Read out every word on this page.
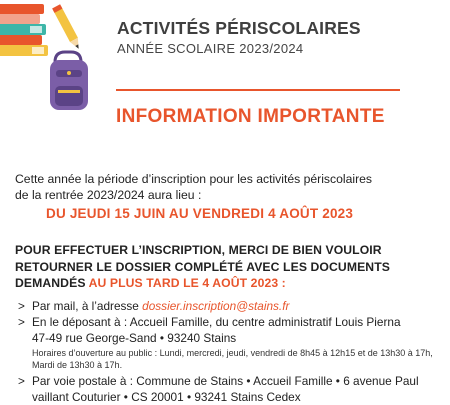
ACTIVITÉS PÉRISCOLAIRES
ANNÉE SCOLAIRE 2023/2024
INFORMATION IMPORTANTE
Cette année la période d’inscription pour les activités périscolaires
de la rentrée 2023/2024 aura lieu :
DU JEUDI 15 JUIN AU VENDREDI 4 AOÛT 2023
POUR EFFECTUER L’INSCRIPTION, MERCI DE BIEN VOULOIR
RETOURNER LE DOSSIER COMPLÉTÉ AVEC LES DOCUMENTS
DEMANDÉS AU PLUS TARD LE 4 AOÛT 2023 :
> Par mail, à l’adresse dossier.inscription@stains.fr
> En le déposant à : Accueil Famille, du centre administratif Louis Pierna
47-49 rue George-Sand • 93240 Stains
Horaires d’ouverture au public : Lundi, mercredi, jeudi, vendredi de 8h45 à 12h15 et de 13h30 à 17h, Mardi de 13h30 à 17h.
> Par voie postale à : Commune de Stains • Accueil Famille • 6 avenue Paul
vaillant Couturier • CS 20001 • 93241 Stains Cedex
